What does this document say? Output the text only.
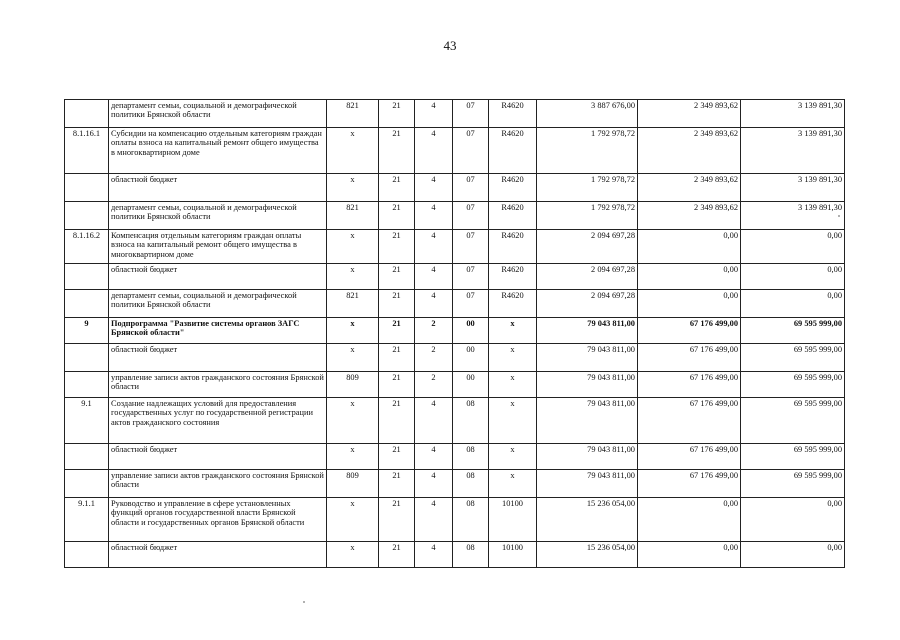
43
	департамент семьи, социальной и демографической политики Брянской области	821	21	4	07	R4620	3 887 676,00	2 349 893,62	3 139 891,30
8.1.16.1	Субсидии на компенсацию отдельным категориям граждан оплаты взноса на капитальный ремонт общего имущества в многоквартирном доме	х	21	4	07	R4620	1 792 978,72	2 349 893,62	3 139 891,30
	областной бюджет	х	21	4	07	R4620	1 792 978,72	2 349 893,62	3 139 891,30
	департамент семьи, социальной и демографической политики Брянской области	821	21	4	07	R4620	1 792 978,72	2 349 893,62	3 139 891,30
8.1.16.2	Компенсация отдельным категориям граждан оплаты взноса на капитальный ремонт общего имущества в многоквартирном доме	х	21	4	07	R4620	2 094 697,28	0,00	0,00
	областной бюджет	х	21	4	07	R4620	2 094 697,28	0,00	0,00
	департамент семьи, социальной и демографической политики Брянской области	821	21	4	07	R4620	2 094 697,28	0,00	0,00
9	Подпрограмма "Развитие системы органов ЗАГС Брянской области"	х	21	2	00	х	79 043 811,00	67 176 499,00	69 595 999,00
	областной бюджет	х	21	2	00	х	79 043 811,00	67 176 499,00	69 595 999,00
	управление записи актов гражданского состояния Брянской области	809	21	2	00	х	79 043 811,00	67 176 499,00	69 595 999,00
9.1	Создание надлежащих условий для предоставления государственных услуг по государственной регистрации актов гражданского состояния	х	21	4	08	х	79 043 811,00	67 176 499,00	69 595 999,00
	областной бюджет	х	21	4	08	х	79 043 811,00	67 176 499,00	69 595 999,00
	управление записи актов гражданского состояния Брянской области	809	21	4	08	х	79 043 811,00	67 176 499,00	69 595 999,00
9.1.1	Руководство и управление в сфере установленных функций органов государственной власти Брянской области и государственных органов Брянской области	х	21	4	08	10100	15 236 054,00	0,00	0,00
	областной бюджет	х	21	4	08	10100	15 236 054,00	0,00	0,00
